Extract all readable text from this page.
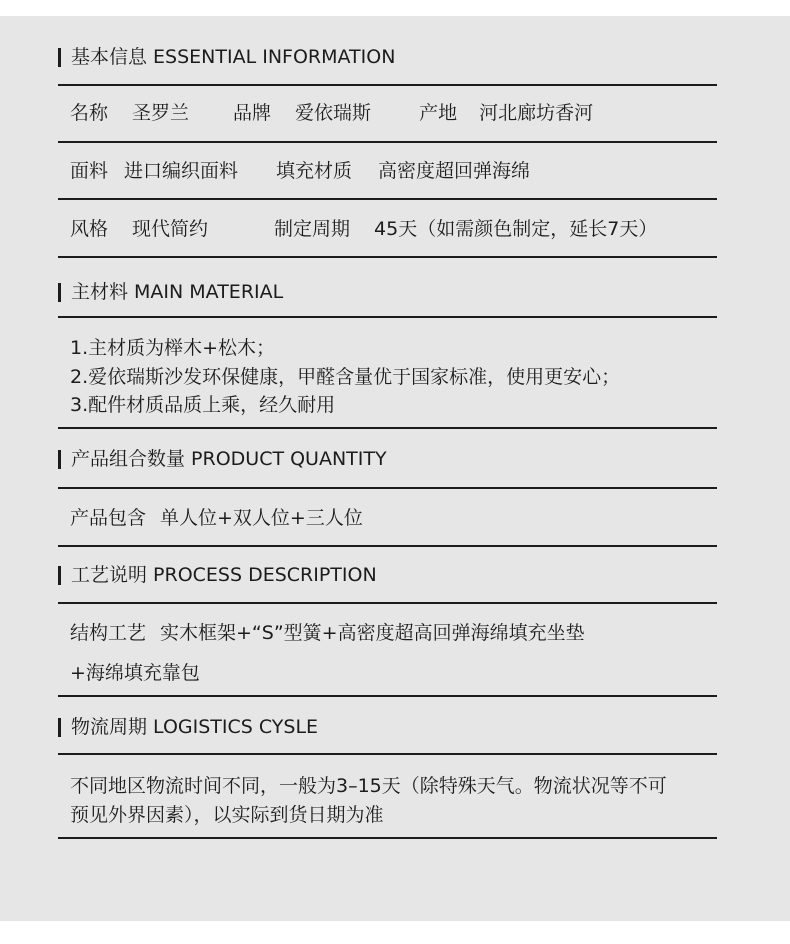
基本信息 ESSENTIAL INFORMATION
名称 圣罗兰 品牌 爱依瑞斯	产地 河北廊坊香河
面料 进口编织面料 填充材质 高密度超回弹海绵
风格 现代简约	制定周期 45天（如需颜色制定，延长7天）
主材料 MAIN MATERIAL
1.主材质为榉木+松木；
2.爱依瑞斯沙发环保健康，甲醛含量优于国家标准，使用更安心；
3.配件材质品质上乘，经久耐用
产品组合数量 PRODUCT QUANTITY
产品包含 单人位+双人位+三人位
工艺说明 PROCESS DESCRIPTION
结构工艺 实木框架+“S”型簧+高密度超高回弹海绵填充坐垫
+海绵填充靠包
物流周期 LOGISTICS CYSLE
不同地区物流时间不同，一般为3–15天（除特殊天气。物流状况等不可
预见外界因素），以实际到货日期为准
